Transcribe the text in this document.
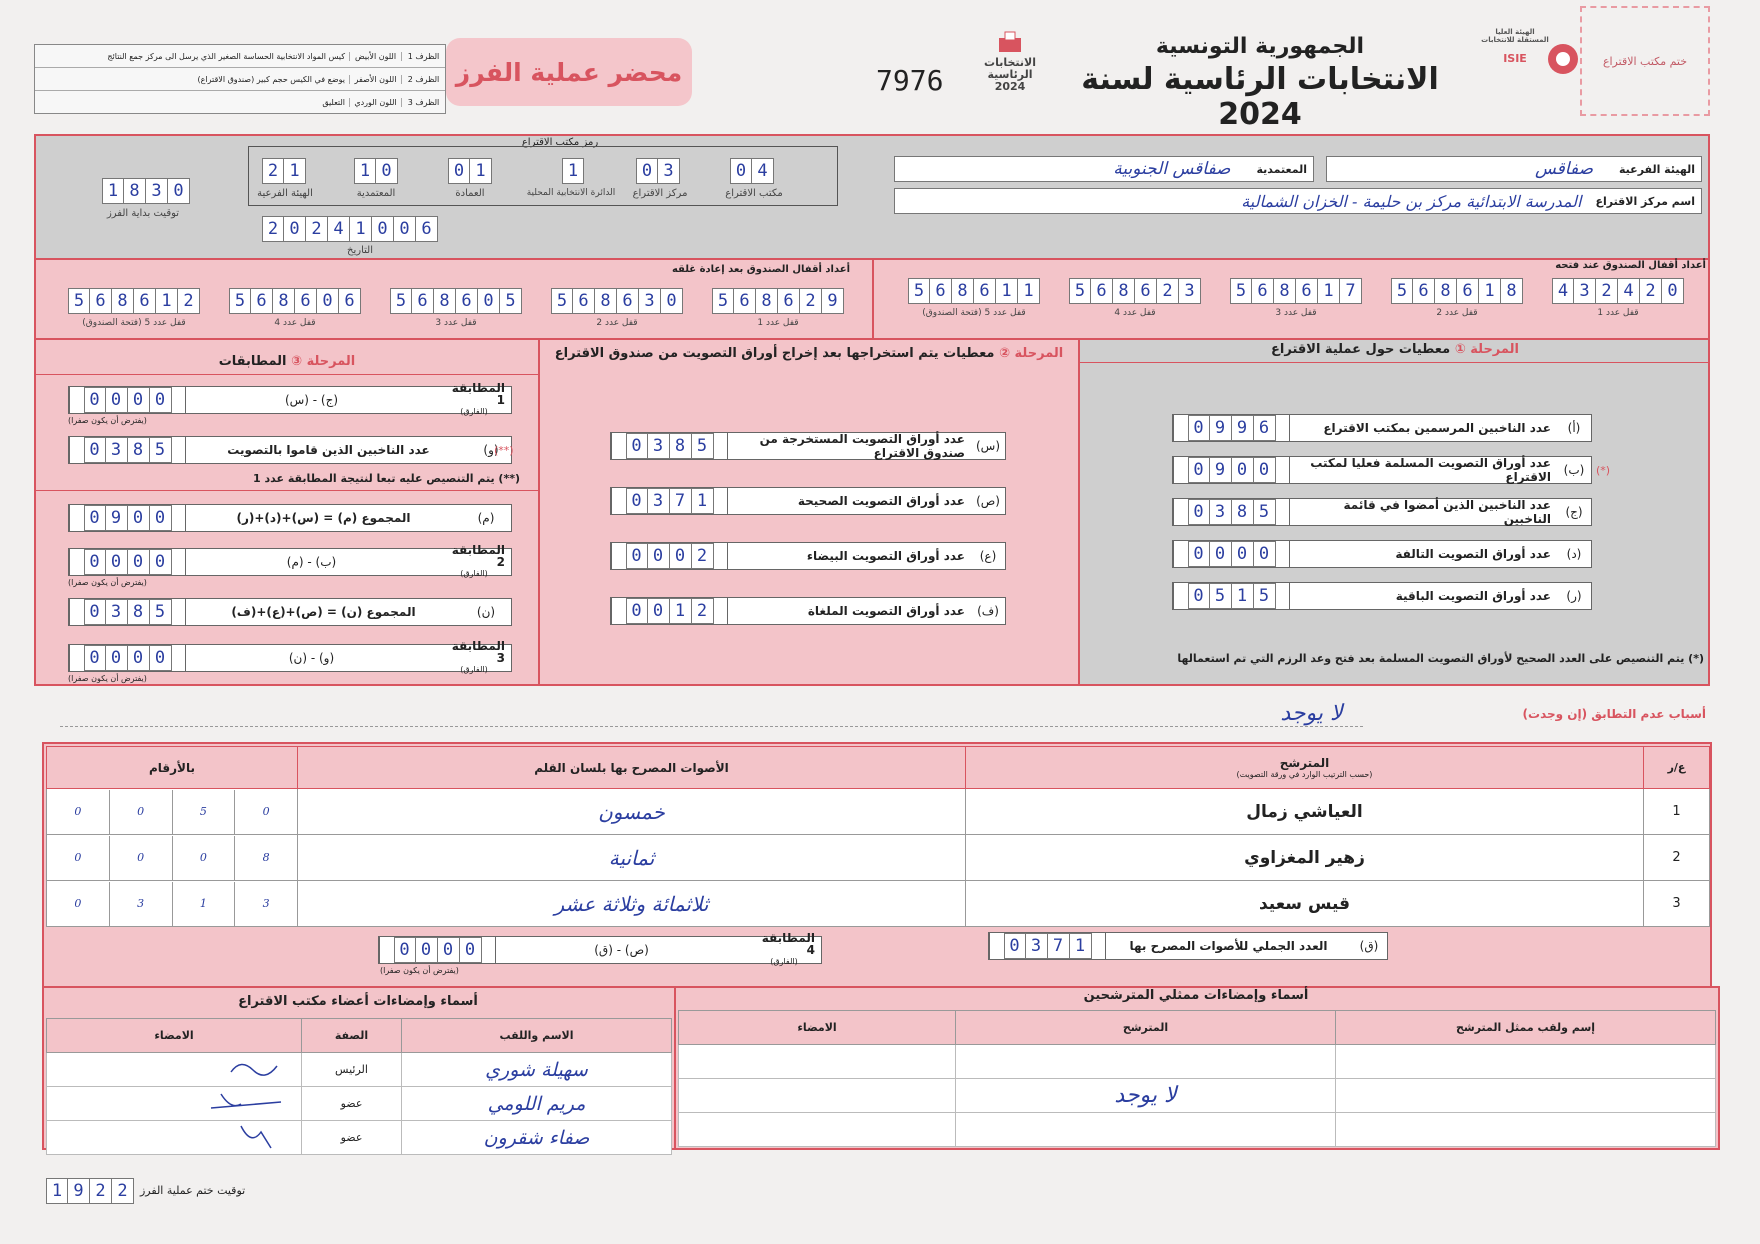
الظرف 1
اللون الأبيض
كيس المواد الانتخابية الحساسة الصغير الذي يرسل الى مركز جمع النتائج
الظرف 2
اللون الأصفر
يوضع في الكيس حجم كبير (صندوق الاقتراع)
الظرف 3
اللون الوردي
التعليق
محضر عملية الفرز	7976
الانتخابات الرئاسية 2024
الجمهورية التونسية
الانتخابات الرئاسية لسنة 2024
الهيئة العليا المستقلة للانتخابات
ISIE	ختم مكتب الاقتراع
رمز مكتب الاقتراع
0 4
مكتب الاقتراع
0 3
مركز الاقتراع
1
الدائرة الانتخابية المحلية
0 1
العمادة
1 0
المعتمدية
2 1
الهيئة الفرعية
2 0 2 4 1 0 0 6
التاريخ
1 8 3 0
توقيت بداية الفرز
الهيئة الفرعية
صفاقس
المعتمدية
صفاقس الجنوبية
اسم مركز الاقتراع
المدرسة الابتدائية مركز بن حليمة - الخزان الشمالية
أعداد أقفال الصندوق عند فتحه
أعداد أقفال الصندوق بعد إعادة غلقه
4 3 2 4 2 0
قفل عدد 1
5 6 8 6 1 8
قفل عدد 2
5 6 8 6 1 7
قفل عدد 3
5 6 8 6 2 3
قفل عدد 4
5 6 8 6 1 1
قفل عدد 5 (فتحة الصندوق)
5 6 8 6 2 9
قفل عدد 1
5 6 8 6 3 0
قفل عدد 2
5 6 8 6 0 5
قفل عدد 3
5 6 8 6 0 6
قفل عدد 4
5 6 8 6 1 2
قفل عدد 5 (فتحة الصندوق)
المرحلة ① معطيات حول عملية الاقتراع
المرحلة ② معطيات يتم استخراجها بعد إخراج أوراق التصويت من صندوق الاقتراع
المرحلة ③ المطابقات
(أ)
عدد الناخبين المرسمين بمكتب الاقتراع
0 9 9 6
(ب)
عدد أوراق التصويت المسلمة فعليا لمكتب الاقتراع
0 9 0 0
(ج)
عدد الناخبين الذين أمضوا في قائمة الناخبين
0 3 8 5
(د)
عدد أوراق التصويت التالفة
0 0 0 0
(ر)
عدد أوراق التصويت الباقية
0 5 1 5
(*) يتم التنصيص على العدد الصحيح لأوراق التصويت المسلمة بعد فتح وعد الرزم التي تم استعمالها
(*)
(س)
عدد أوراق التصويت المستخرجة من صندوق الاقتراع
0 3 8 5
(ص)
عدد أوراق التصويت الصحيحة
0 3 7 1
(ع)
عدد أوراق التصويت البيضاء
0 0 0 2
(ف)
عدد أوراق التصويت الملغاة
0 0 1 2
المطابقة 1
(الفارق)
(ج) - (س)
0 0 0 0
(يفترض أن يكون صفرا)
(و)
عدد الناخبين الذين قاموا بالتصويت
0 3 8 5	(**)
(**) يتم التنصيص عليه تبعا لنتيجة المطابقة عدد 1
(م)
المجموع (م) = (س)+(د)+(ر)
0 9 0 0
المطابقة 2
(الفارق)
(ب) - (م)
0 0 0 0
(يفترض أن يكون صفرا)
(ن)
المجموع (ن) = (ص)+(ع)+(ف)
0 3 8 5
المطابقة 3
(الفارق)
(و) - (ن)
0 0 0 0
(يفترض أن يكون صفرا)
أسباب عدم التطابق (إن وجدت)
لا يوجد
ع/ر	المترشح
(حسب الترتيب الوارد في ورقة التصويت)	الأصوات المصرح بها بلسان القلم	بالأرقام
1	العياشي زمال	خمسون	0 0 5 0

2	زهير المغزاوي	ثمانية	0 0 0 8

3	قيس سعيد	ثلاثمائة وثلاثة عشر	0 3 1 3
(ق)
العدد الجملي للأصوات المصرح بها
0 3 7 1
المطابقة 4
(الفارق)
(ص) - (ق)
0 0 0 0
(يفترض أن يكون صفرا)
أسماء وإمضاءات ممثلي المترشحين
إسم ولقب ممثل المترشح	المترشح	الامضاء

	لا يوجد	

أسماء وإمضاءات أعضاء مكتب الاقتراع
الاسم واللقب	الصفة	الامضاء
سهيلة شوري	الرئيس	
مريم اللومي	عضو	
صفاء شقرون	عضو	
1 9 2 2	توقيت ختم عملية الفرز
